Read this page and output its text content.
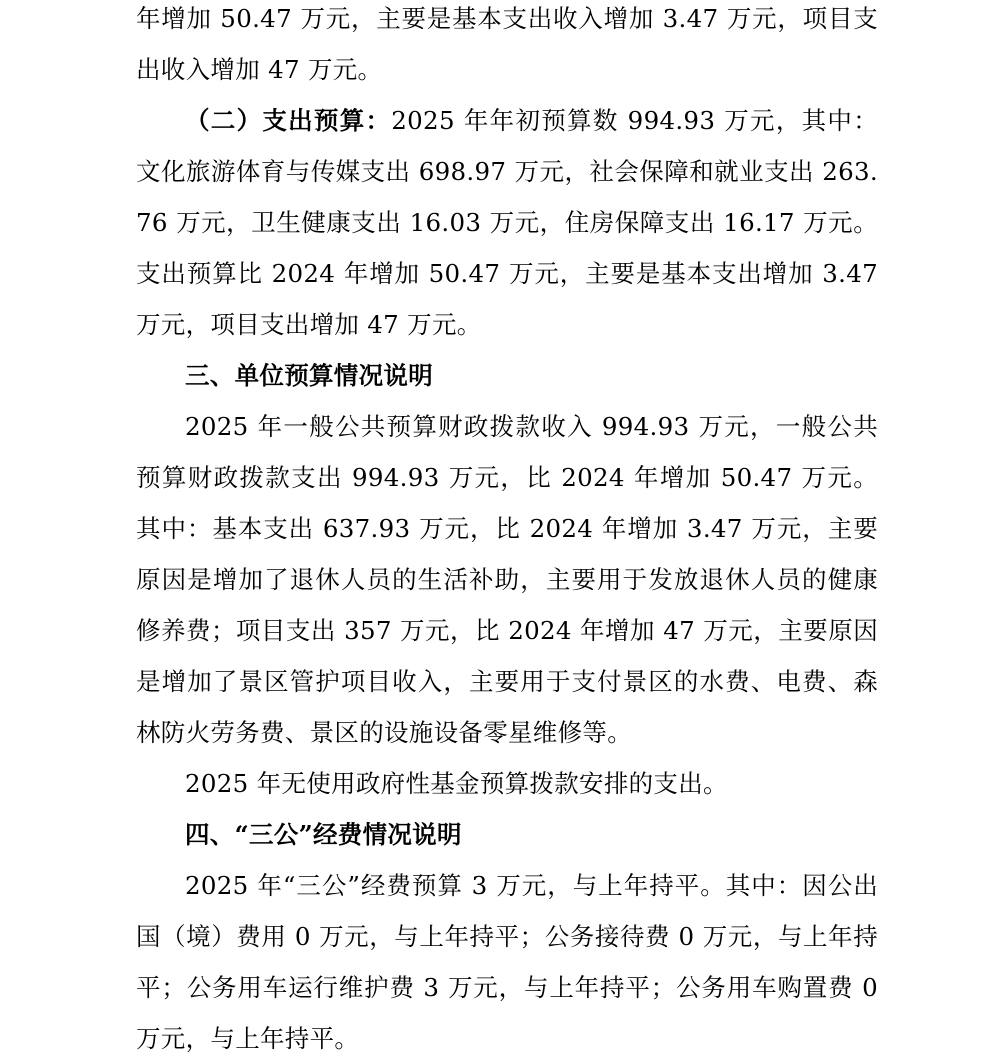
年增加 50.47 万元，主要是基本支出收入增加 3.47 万元，项目支出收入增加 47 万元。

（二）支出预算：2025 年年初预算数 994.93 万元，其中：文化旅游体育与传媒支出 698.97 万元，社会保障和就业支出 263.76 万元，卫生健康支出 16.03 万元，住房保障支出 16.17 万元。支出预算比 2024 年增加 50.47 万元，主要是基本支出增加 3.47 万元，项目支出增加 47 万元。

三、单位预算情况说明

2025 年一般公共预算财政拨款收入 994.93 万元，一般公共预算财政拨款支出 994.93 万元，比 2024 年增加 50.47 万元。其中：基本支出 637.93 万元，比 2024 年增加 3.47 万元，主要原因是增加了退休人员的生活补助，主要用于发放退休人员的健康修养费；项目支出 357 万元，比 2024 年增加 47 万元，主要原因是增加了景区管护项目收入，主要用于支付景区的水费、电费、森林防火劳务费、景区的设施设备零星维修等。

2025 年无使用政府性基金预算拨款安排的支出。

四、“三公”经费情况说明

2025 年“三公”经费预算 3 万元，与上年持平。其中：因公出国（境）费用 0 万元，与上年持平；公务接待费 0 万元，与上年持平；公务用车运行维护费 3 万元，与上年持平；公务用车购置费 0 万元，与上年持平。
